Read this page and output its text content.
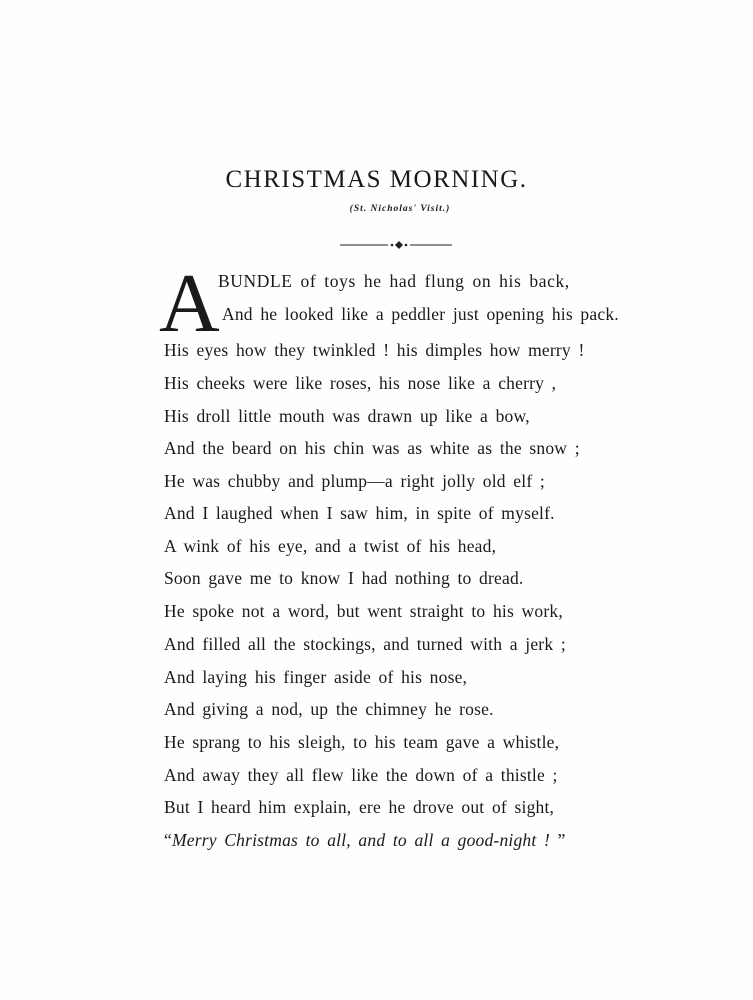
CHRISTMAS MORNING.

(St. Nicholas' Visit.)

A
BUNDLE of toys he had flung on his back,
And he looked like a peddler just opening his pack.
His eyes how they twinkled ! his dimples how merry !
His cheeks were like roses, his nose like a cherry ,
His droll little mouth was drawn up like a bow,
And the beard on his chin was as white as the snow ;
He was chubby and plump—a right jolly old elf ;
And I laughed when I saw him, in spite of myself.
A wink of his eye, and a twist of his head,
Soon gave me to know I had nothing to dread.
He spoke not a word, but went straight to his work,
And filled all the stockings, and turned with a jerk ;
And laying his finger aside of his nose,
And giving a nod, up the chimney he rose.
He sprang to his sleigh, to his team gave a whistle,
And away they all flew like the down of a thistle ;
But I heard him explain, ere he drove out of sight,
“Merry Christmas to all, and to all a good-night ! ”
